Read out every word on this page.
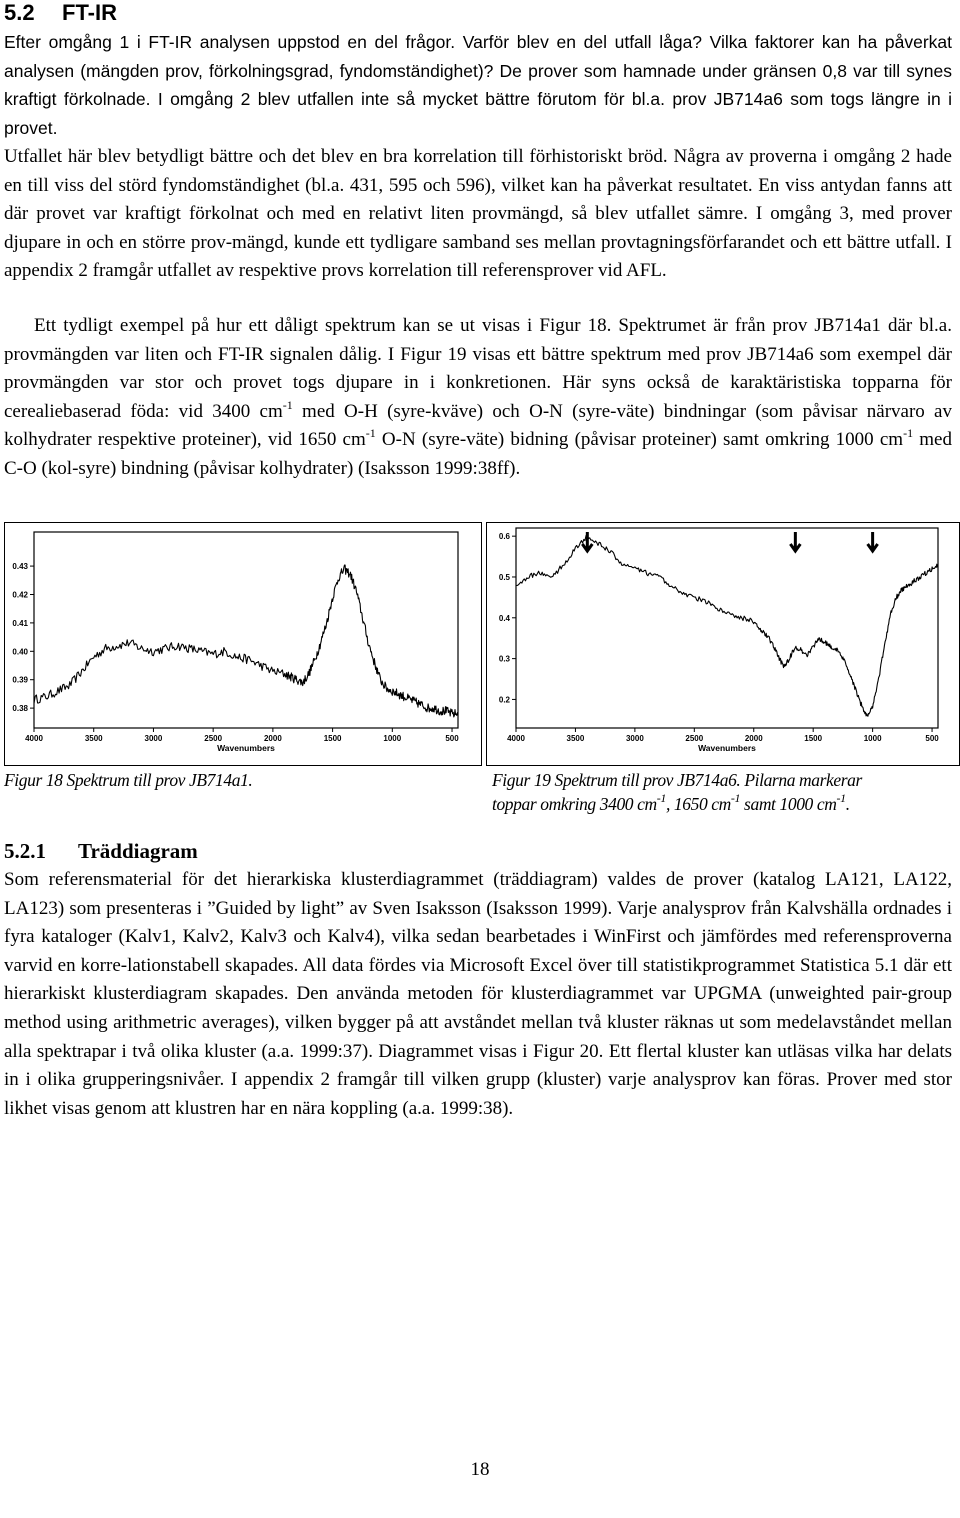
5.2 FT-IR

Efter omgång 1 i FT-IR analysen uppstod en del frågor. Varför blev en del utfall låga? Vilka faktorer kan ha påverkat analysen (mängden prov, förkolningsgrad, fyndomständighet)? De prover som hamnade under gränsen 0,8 var till synes kraftigt förkolnade. I omgång 2 blev utfallen inte så mycket bättre förutom för bl.a. prov JB714a6 som togs längre in i provet.

Utfallet här blev betydligt bättre och det blev en bra korrelation till förhistoriskt bröd. Några av proverna i omgång 2 hade en till viss del störd fyndomständighet (bl.a. 431, 595 och 596), vilket kan ha påverkat resultatet. En viss antydan fanns att där provet var kraftigt förkolnat och med en relativt liten provmängd, så blev utfallet sämre. I omgång 3, med prover djupare in och en större prov-mängd, kunde ett tydligare samband ses mellan provtagningsförfarandet och ett bättre utfall. I appendix 2 framgår utfallet av respektive provs korrelation till referensprover vid AFL.

Ett tydligt exempel på hur ett dåligt spektrum kan se ut visas i Figur 18. Spektrumet är från prov JB714a1 där bl.a. provmängden var liten och FT-IR signalen dålig. I Figur 19 visas ett bättre spektrum med prov JB714a6 som exempel där provmängden var stor och provet togs djupare in i konkretionen. Här syns också de karaktäristiska topparna för cerealiebaserad föda: vid 3400 $cm^{-1}$ med O-H (syre-kväve) och O-N (syre-väte) bindningar (som påvisar närvaro av kolhydrater respektive proteiner), vid 1650 $cm^{-1}$ O-N (syre-väte) bidning (påvisar proteiner) samt omkring 1000 $cm^{-1}$ med C-O (kol-syre) bindning (påvisar kolhydrater) (Isaksson 1999:38ff).

0.43
0.42
0.41
0.40
0.39
0.38
4000	3500	3000	2500	2000	1500	1000	500
Wavenumbers
0.6
0.5
0.4
0.3
0.2
4000	3500	3000	2500	2000	1500	1000	500
Wavenumbers

Figur 18 Spektrum till prov JB714a1.	Figur 19 Spektrum till prov JB714a6. Pilarna markerar
toppar omkring 3400 $cm^{-1}$, 1650 $cm^{-1}$ samt 1000 $cm^{-1}$.

5.2.1 Träddiagram

Som referensmaterial för det hierarkiska klusterdiagrammet (träddiagram) valdes de prover (katalog LA121, LA122, LA123) som presenteras i ”Guided by light” av Sven Isaksson (Isaksson 1999). Varje analysprov från Kalvshälla ordnades i fyra kataloger (Kalv1, Kalv2, Kalv3 och Kalv4), vilka sedan bearbetades i WinFirst och jämfördes med referensproverna varvid en korre-lationstabell skapades. All data fördes via Microsoft Excel över till statistikprogrammet Statistica 5.1 där ett hierarkiskt klusterdiagram skapades. Den använda metoden för klusterdiagrammet var UPGMA (unweighted pair-group method using arithmetric averages), vilken bygger på att avståndet mellan två kluster räknas ut som medelavståndet mellan alla spektrapar i två olika kluster (a.a. 1999:37). Diagrammet visas i Figur 20. Ett flertal kluster kan utläsas vilka har delats in i olika grupperingsnivåer. I appendix 2 framgår till vilken grupp (kluster) varje analysprov kan föras. Prover med stor likhet visas genom att klustren har en nära koppling (a.a. 1999:38).

18
